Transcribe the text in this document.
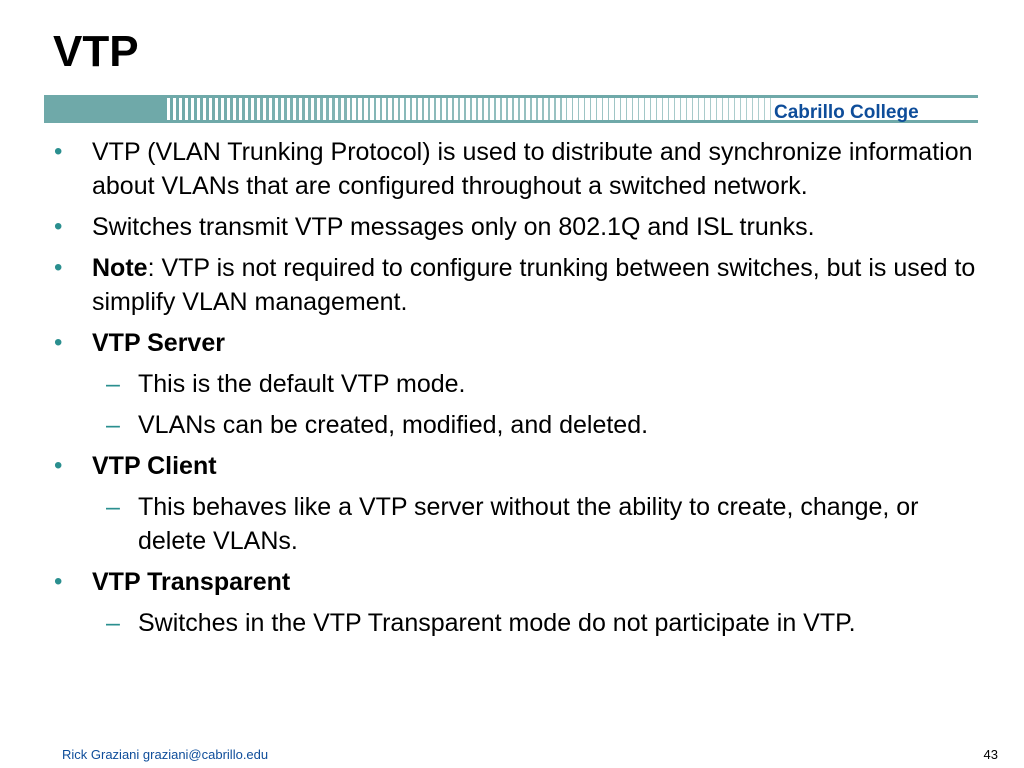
VTP
Cabrillo College
• VTP (VLAN Trunking Protocol) is used to distribute and synchronize information about VLANs that are configured throughout a switched network.
• Switches transmit VTP messages only on 802.1Q and ISL trunks.
• Note: VTP is not required to configure trunking between switches, but is used to simplify VLAN management.
• VTP Server
– This is the default VTP mode.
– VLANs can be created, modified, and deleted.
• VTP Client
– This behaves like a VTP server without the ability to create, change, or delete VLANs.
• VTP Transparent
– Switches in the VTP Transparent mode do not participate in VTP.
Rick Graziani graziani@cabrillo.edu	43
